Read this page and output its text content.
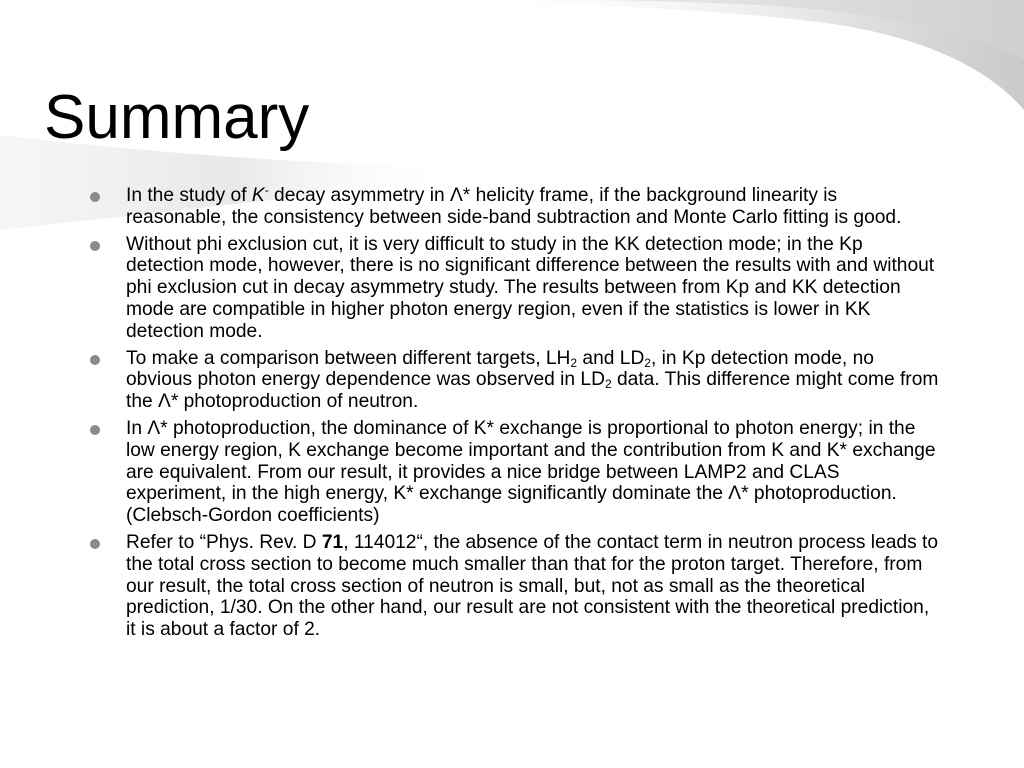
Summary
In the study of K- decay asymmetry in Λ* helicity frame, if the background linearity is reasonable, the consistency between side-band subtraction and Monte Carlo fitting is good.
Without phi exclusion cut, it is very difficult to study in the KK detection mode; in the Kp detection mode, however, there is no significant difference between the results with and without phi exclusion cut in decay asymmetry study. The results between from Kp and KK detection mode are compatible in higher photon energy region, even if the statistics is lower in KK detection mode.
To make a comparison between different targets, $LH_2$ and $LD_2$, in Kp detection mode, no obvious photon energy dependence was observed in $LD_2$ data. This difference might come from the Λ* photoproduction of neutron.
In Λ* photoproduction, the dominance of K* exchange is proportional to photon energy; in the low energy region, K exchange become important and the contribution from K and K* exchange are equivalent. From our result, it provides a nice bridge between LAMP2 and CLAS experiment, in the high energy, K* exchange significantly dominate the Λ* photoproduction. (Clebsch-Gordon coefficients)
Refer to “Phys. Rev. D 71, 114012“, the absence of the contact term in neutron process leads to the total cross section to become much smaller than that for the proton target. Therefore, from our result, the total cross section of neutron is small, but, not as small as the theoretical prediction, 1/30. On the other hand, our result are not consistent with the theoretical prediction, it is about a factor of 2.
